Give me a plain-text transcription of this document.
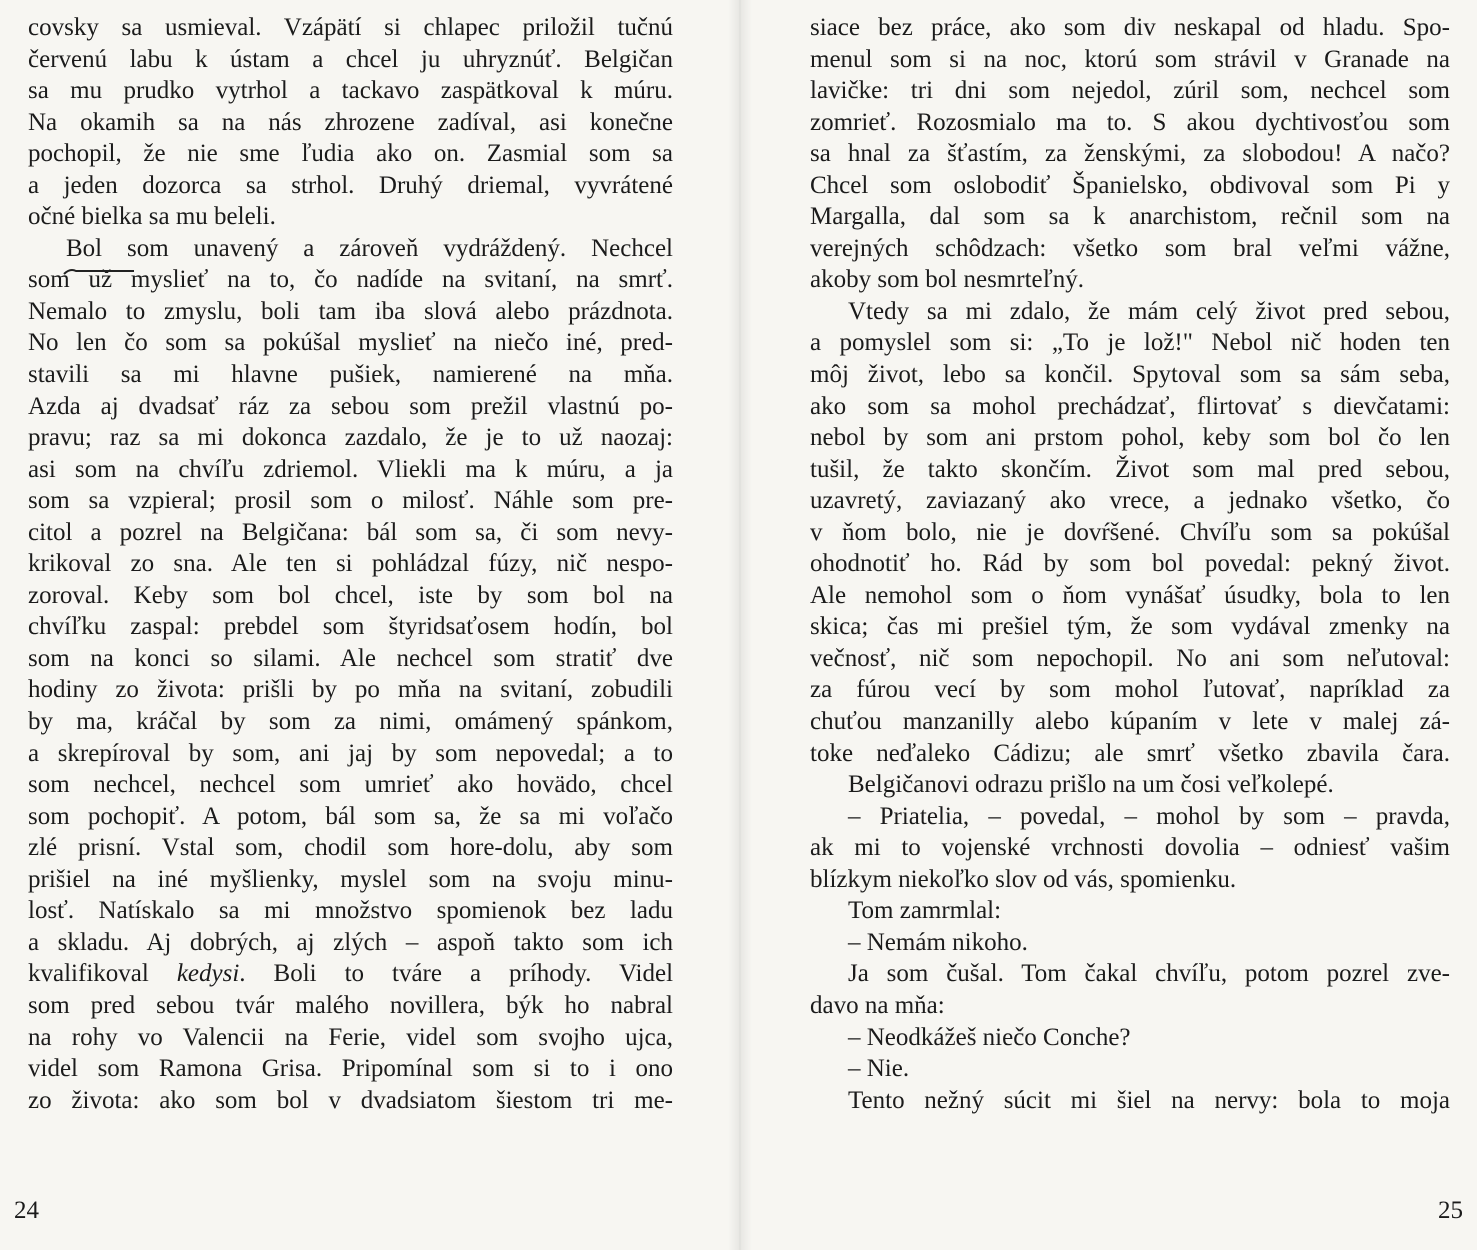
covsky sa usmieval. Vzápätí si chlapec priložil tučnú
červenú labu k ústam a chcel ju uhryznúť. Belgičan
sa mu prudko vytrhol a tackavo zaspätkoval k múru.
Na okamih sa na nás zhrozene zadíval, asi konečne
pochopil, že nie sme ľudia ako on. Zasmial som sa
a jeden dozorca sa strhol. Druhý driemal, vyvrátené
očné bielka sa mu beleli.
Bol som unavený a zároveň vydráždený. Nechcel
som už myslieť na to, čo nadíde na svitaní, na smrť.
Nemalo to zmyslu, boli tam iba slová alebo prázdnota.
No len čo som sa pokúšal myslieť na niečo iné, pred-
stavili sa mi hlavne pušiek, namierené na mňa.
Azda aj dvadsať ráz za sebou som prežil vlastnú po-
pravu; raz sa mi dokonca zazdalo, že je to už naozaj:
asi som na chvíľu zdriemol. Vliekli ma k múru, a ja
som sa vzpieral; prosil som o milosť. Náhle som pre-
citol a pozrel na Belgičana: bál som sa, či som nevy-
krikoval zo sna. Ale ten si pohládzal fúzy, nič nespo-
zoroval. Keby som bol chcel, iste by som bol na
chvíľku zaspal: prebdel som štyridsaťosem hodín, bol
som na konci so silami. Ale nechcel som stratiť dve
hodiny zo života: prišli by po mňa na svitaní, zobudili
by ma, kráčal by som za nimi, omámený spánkom,
a skrepíroval by som, ani jaj by som nepovedal; a to
som nechcel, nechcel som umrieť ako hovädo, chcel
som pochopiť. A potom, bál som sa, že sa mi voľačo
zlé prisní. Vstal som, chodil som hore-dolu, aby som
prišiel na iné myšlienky, myslel som na svoju minu-
losť. Natískalo sa mi množstvo spomienok bez ladu
a skladu. Aj dobrých, aj zlých – aspoň takto som ich
kvalifikoval kedysi. Boli to tváre a príhody. Videl
som pred sebou tvár malého novillera, býk ho nabral
na rohy vo Valencii na Ferie, videl som svojho ujca,
videl som Ramona Grisa. Pripomínal som si to i ono
zo života: ako som bol v dvadsiatom šiestom tri me-
24
siace bez práce, ako som div neskapal od hladu. Spo-
menul som si na noc, ktorú som strávil v Granade na
lavičke: tri dni som nejedol, zúril som, nechcel som
zomrieť. Rozosmialo ma to. S akou dychtivosťou som
sa hnal za šťastím, za ženskými, za slobodou! A načo?
Chcel som oslobodiť Španielsko, obdivoval som Pi y
Margalla, dal som sa k anarchistom, rečnil som na
verejných schôdzach: všetko som bral veľmi vážne,
akoby som bol nesmrteľný.
Vtedy sa mi zdalo, že mám celý život pred sebou,
a pomyslel som si: „To je lož!" Nebol nič hoden ten
môj život, lebo sa končil. Spytoval som sa sám seba,
ako som sa mohol prechádzať, flirtovať s dievčatami:
nebol by som ani prstom pohol, keby som bol čo len
tušil, že takto skončím. Život som mal pred sebou,
uzavretý, zaviazaný ako vrece, a jednako všetko, čo
v ňom bolo, nie je dovŕšené. Chvíľu som sa pokúšal
ohodnotiť ho. Rád by som bol povedal: pekný život.
Ale nemohol som o ňom vynášať úsudky, bola to len
skica; čas mi prešiel tým, že som vydával zmenky na
večnosť, nič som nepochopil. No ani som neľutoval:
za fúrou vecí by som mohol ľutovať, napríklad za
chuťou manzanilly alebo kúpaním v lete v malej zá-
toke neďaleko Cádizu; ale smrť všetko zbavila čara.
Belgičanovi odrazu prišlo na um čosi veľkolepé.
– Priatelia, – povedal, – mohol by som – pravda,
ak mi to vojenské vrchnosti dovolia – odniesť vašim
blízkym niekoľko slov od vás, spomienku.
Tom zamrmlal:
– Nemám nikoho.
Ja som čušal. Tom čakal chvíľu, potom pozrel zve-
davo na mňa:
– Neodkážeš niečo Conche?
– Nie.
Tento nežný súcit mi šiel na nervy: bola to moja
25
